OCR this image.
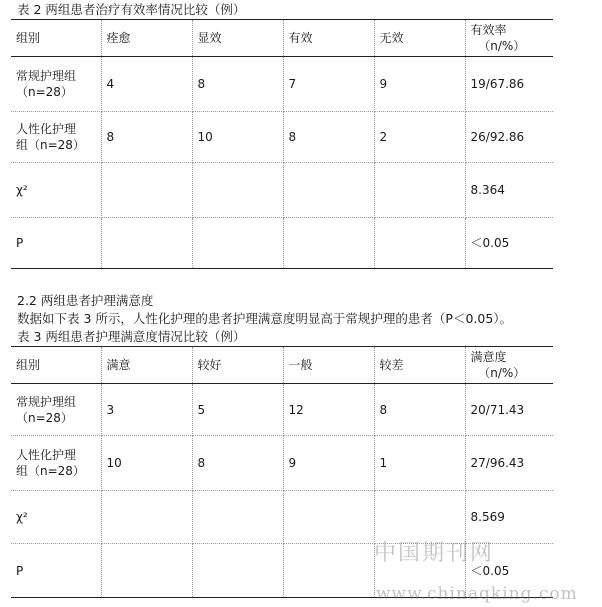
表 2 两组患者治疗有效率情况比较（例）
组别	痊愈	显效	有效	无效	有效率
（n/%）

常规护理组
（n=28）	4	8	7	9	19/67.86

人性化护理
组（n=28）	8	10	8	2	26/92.86
χ²					8.364
P					＜0.05
2.2 两组患者护理满意度
数据如下表 3 所示，人性化护理的患者护理满意度明显高于常规护理的患者（P＜0.05）。
表 3 两组患者护理满意度情况比较（例）
组别	满意	较好	一般	较差	满意度
（n/%）

常规护理组
（n=28）	3	5	12	8	20/71.43

人性化护理
组（n=28）	10	8	9	1	27/96.43
χ²					8.569
P					＜0.05
中国期刊网
www.chinaqking.com
